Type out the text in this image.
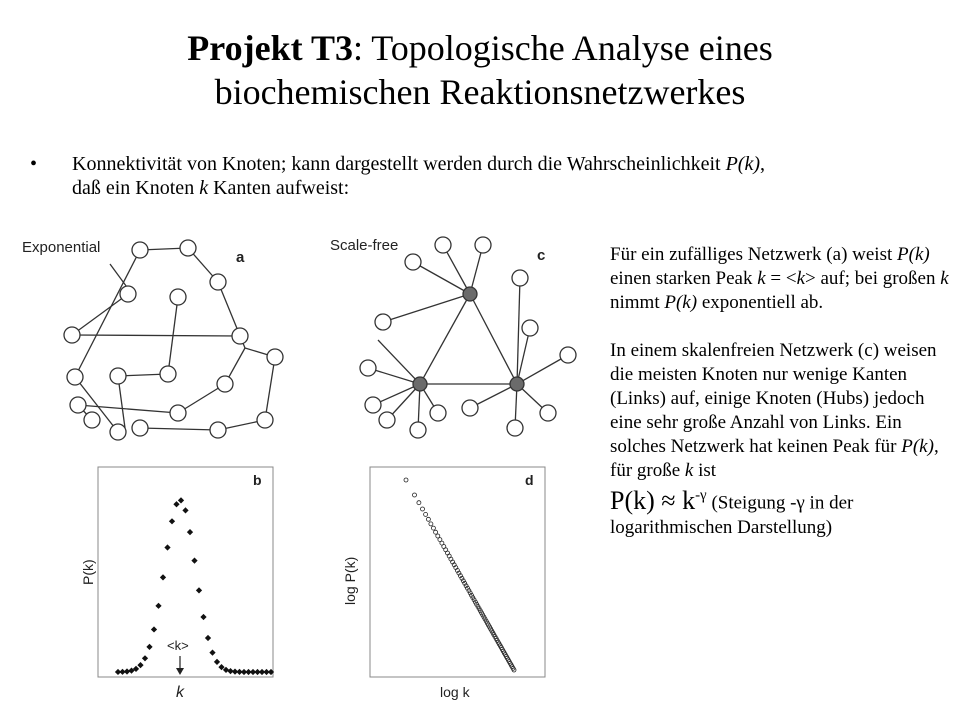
Projekt T3: Topologische Analyse eines
biochemischen Reaktionsnetzwerkes
• Konnektivität von Knoten; kann dargestellt werden durch die Wahrscheinlichkeit P(k), daß ein Knoten k Kanten aufweist:
Exponential
a
Scale-free
c
b
k
P(k)
<k>
d
log k
log P(k)

Für ein zufälliges Netzwerk (a) weist P(k) einen starken Peak k = <k> auf; bei großen k nimmt P(k) exponentiell ab.

In einem skalenfreien Netzwerk (c) weisen die meisten Knoten nur wenige Kanten (Links) auf, einige Knoten (Hubs) jedoch eine sehr große Anzahl von Links. Ein solches Netzwerk hat keinen Peak für P(k), für große k ist
$P(k) \approx k^{-\gamma}$ (Steigung -γ in der logarithmischen Darstellung)
